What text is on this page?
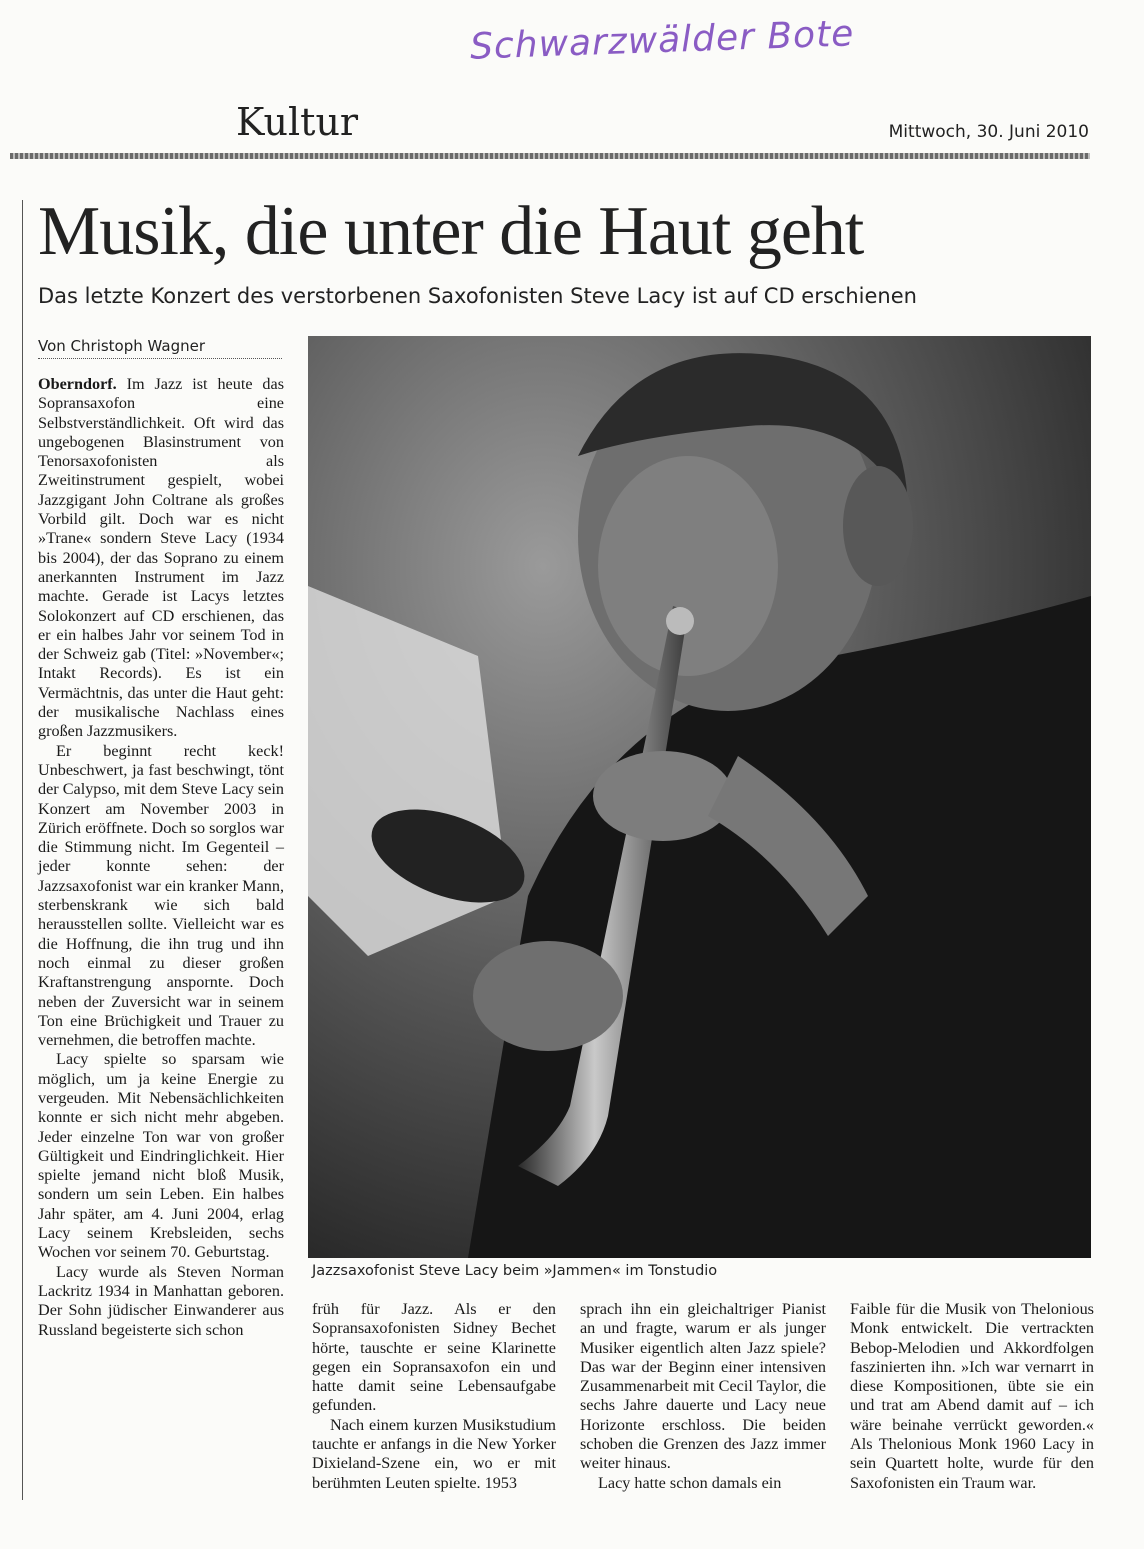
Schwarzwälder Bote
Kultur	Mittwoch, 30. Juni 2010
Musik, die unter die Haut geht
Das letzte Konzert des verstorbenen Saxofonisten Steve Lacy ist auf CD erschienen
Von Christoph Wagner

Oberndorf. Im Jazz ist heute das Sopransaxofon eine Selbstverständlichkeit. Oft wird das ungebogenen Blasinstrument von Tenorsaxofonisten als Zweitinstrument gespielt, wobei Jazzgigant John Coltrane als großes Vorbild gilt. Doch war es nicht »Trane« sondern Steve Lacy (1934 bis 2004), der das Soprano zu einem anerkannten Instrument im Jazz machte. Gerade ist Lacys letztes Solokonzert auf CD erschienen, das er ein halbes Jahr vor seinem Tod in der Schweiz gab (Titel: »November«; Intakt Records). Es ist ein Vermächtnis, das unter die Haut geht: der musikalische Nachlass eines großen Jazzmusikers.

Er beginnt recht keck! Unbeschwert, ja fast beschwingt, tönt der Calypso, mit dem Steve Lacy sein Konzert am November 2003 in Zürich eröffnete. Doch so sorglos war die Stimmung nicht. Im Gegenteil – jeder konnte sehen: der Jazzsaxofonist war ein kranker Mann, sterbenskrank wie sich bald herausstellen sollte. Vielleicht war es die Hoffnung, die ihn trug und ihn noch einmal zu dieser großen Kraftanstrengung anspornte. Doch neben der Zuversicht war in seinem Ton eine Brüchigkeit und Trauer zu vernehmen, die betroffen machte.

Lacy spielte so sparsam wie möglich, um ja keine Energie zu vergeuden. Mit Nebensächlichkeiten konnte er sich nicht mehr abgeben. Jeder einzelne Ton war von großer Gültigkeit und Eindringlichkeit. Hier spielte jemand nicht bloß Musik, sondern um sein Leben. Ein halbes Jahr später, am 4. Juni 2004, erlag Lacy seinem Krebsleiden, sechs Wochen vor seinem 70. Geburtstag.

Lacy wurde als Steven Norman Lackritz 1934 in Manhattan geboren. Der Sohn jüdischer Einwanderer aus Russland begeisterte sich schon

Jazzsaxofonist Steve Lacy beim »Jammen« im Tonstudio

früh für Jazz. Als er den Sopransaxofonisten Sidney Bechet hörte, tauschte er seine Klarinette gegen ein Sopransaxofon ein und hatte damit seine Lebensaufgabe gefunden.

Nach einem kurzen Musikstudium tauchte er anfangs in die New Yorker Dixieland-Szene ein, wo er mit berühmten Leuten spielte. 1953

sprach ihn ein gleichaltriger Pianist an und fragte, warum er als junger Musiker eigentlich alten Jazz spiele? Das war der Beginn einer intensiven Zusammenarbeit mit Cecil Taylor, die sechs Jahre dauerte und Lacy neue Horizonte erschloss. Die beiden schoben die Grenzen des Jazz immer weiter hinaus.

Lacy hatte schon damals ein

Faible für die Musik von Thelonious Monk entwickelt. Die vertrackten Bebop-Melodien und Akkordfolgen faszinierten ihn. »Ich war vernarrt in diese Kompositionen, übte sie ein und trat am Abend damit auf – ich wäre beinahe verrückt geworden.« Als Thelonious Monk 1960 Lacy in sein Quartett holte, wurde für den Saxofonisten ein Traum war.
